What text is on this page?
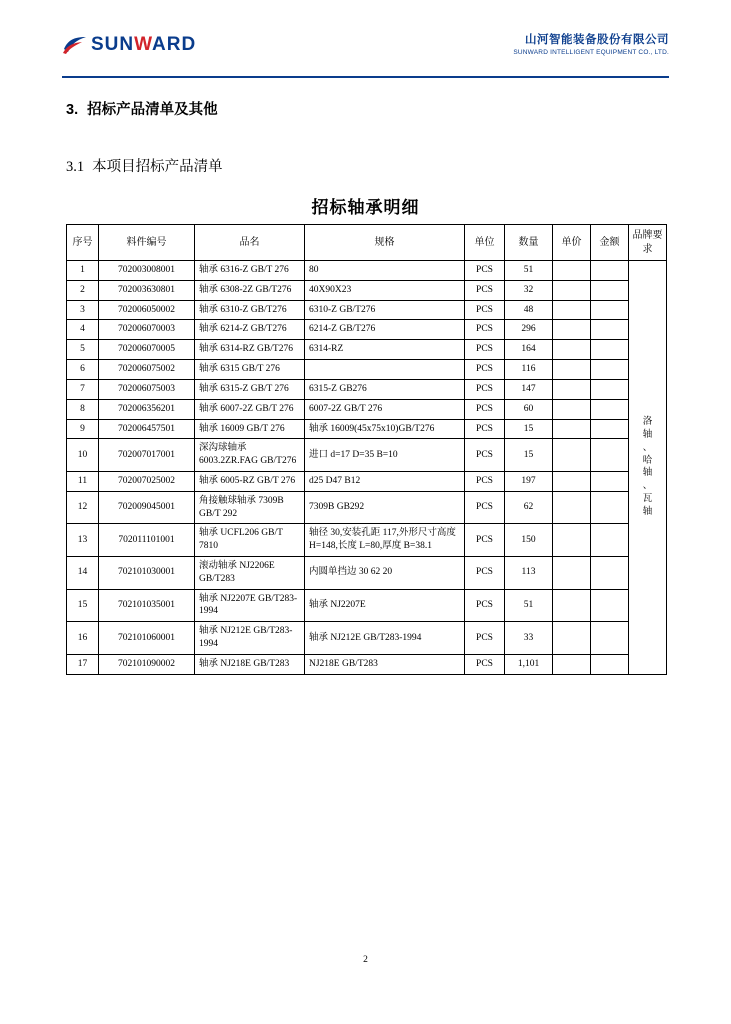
SUNWARD	山河智能装备股份有限公司
SUNWARD INTELLIGENT EQUIPMENT CO., LTD.
3. 招标产品清单及其他
3.1 本项目招标产品清单
招标轴承明细
序号	料件编号	品名	规格	单位	数量	单价	金额	品牌要求
1	702003008001	轴承 6316-Z GB/T 276	80	PCS	51			
洛
轴
、
哈
轴
、
瓦
轴

2	702003630801	轴承 6308-2Z GB/T276	40X90X23	PCS	32			
3	702006050002	轴承 6310-Z GB/T276	6310-Z GB/T276	PCS	48			
4	702006070003	轴承 6214-Z GB/T276	6214-Z GB/T276	PCS	296			
5	702006070005	轴承 6314-RZ GB/T276	6314-RZ	PCS	164			
6	702006075002	轴承 6315 GB/T 276		PCS	116			
7	702006075003	轴承 6315-Z GB/T 276	6315-Z GB276	PCS	147			
8	702006356201	轴承 6007-2Z GB/T 276	6007-2Z GB/T 276	PCS	60			
9	702006457501	轴承 16009 GB/T 276	轴承 16009(45x75x10)GB/T276	PCS	15			
10	702007017001	深沟球轴承 6003.2ZR.FAG GB/T276	进口 d=17 D=35 B=10	PCS	15			
11	702007025002	轴承 6005-RZ GB/T 276	d25 D47 B12	PCS	197			
12	702009045001	角接触球轴承 7309B GB/T 292	7309B GB292	PCS	62			
13	702011101001	轴承 UCFL206 GB/T 7810	轴径 30,安装孔距 117,外形尺寸高度 H=148,长度 L=80,厚度 B=38.1	PCS	150			
14	702101030001	滚动轴承 NJ2206E GB/T283	内圆单挡边 30 62 20	PCS	113			
15	702101035001	轴承 NJ2207E GB/T283-1994	轴承 NJ2207E	PCS	51			
16	702101060001	轴承 NJ212E GB/T283-1994	轴承 NJ212E GB/T283-1994	PCS	33			
17	702101090002	轴承 NJ218E GB/T283	NJ218E GB/T283	PCS	1,101			
2
